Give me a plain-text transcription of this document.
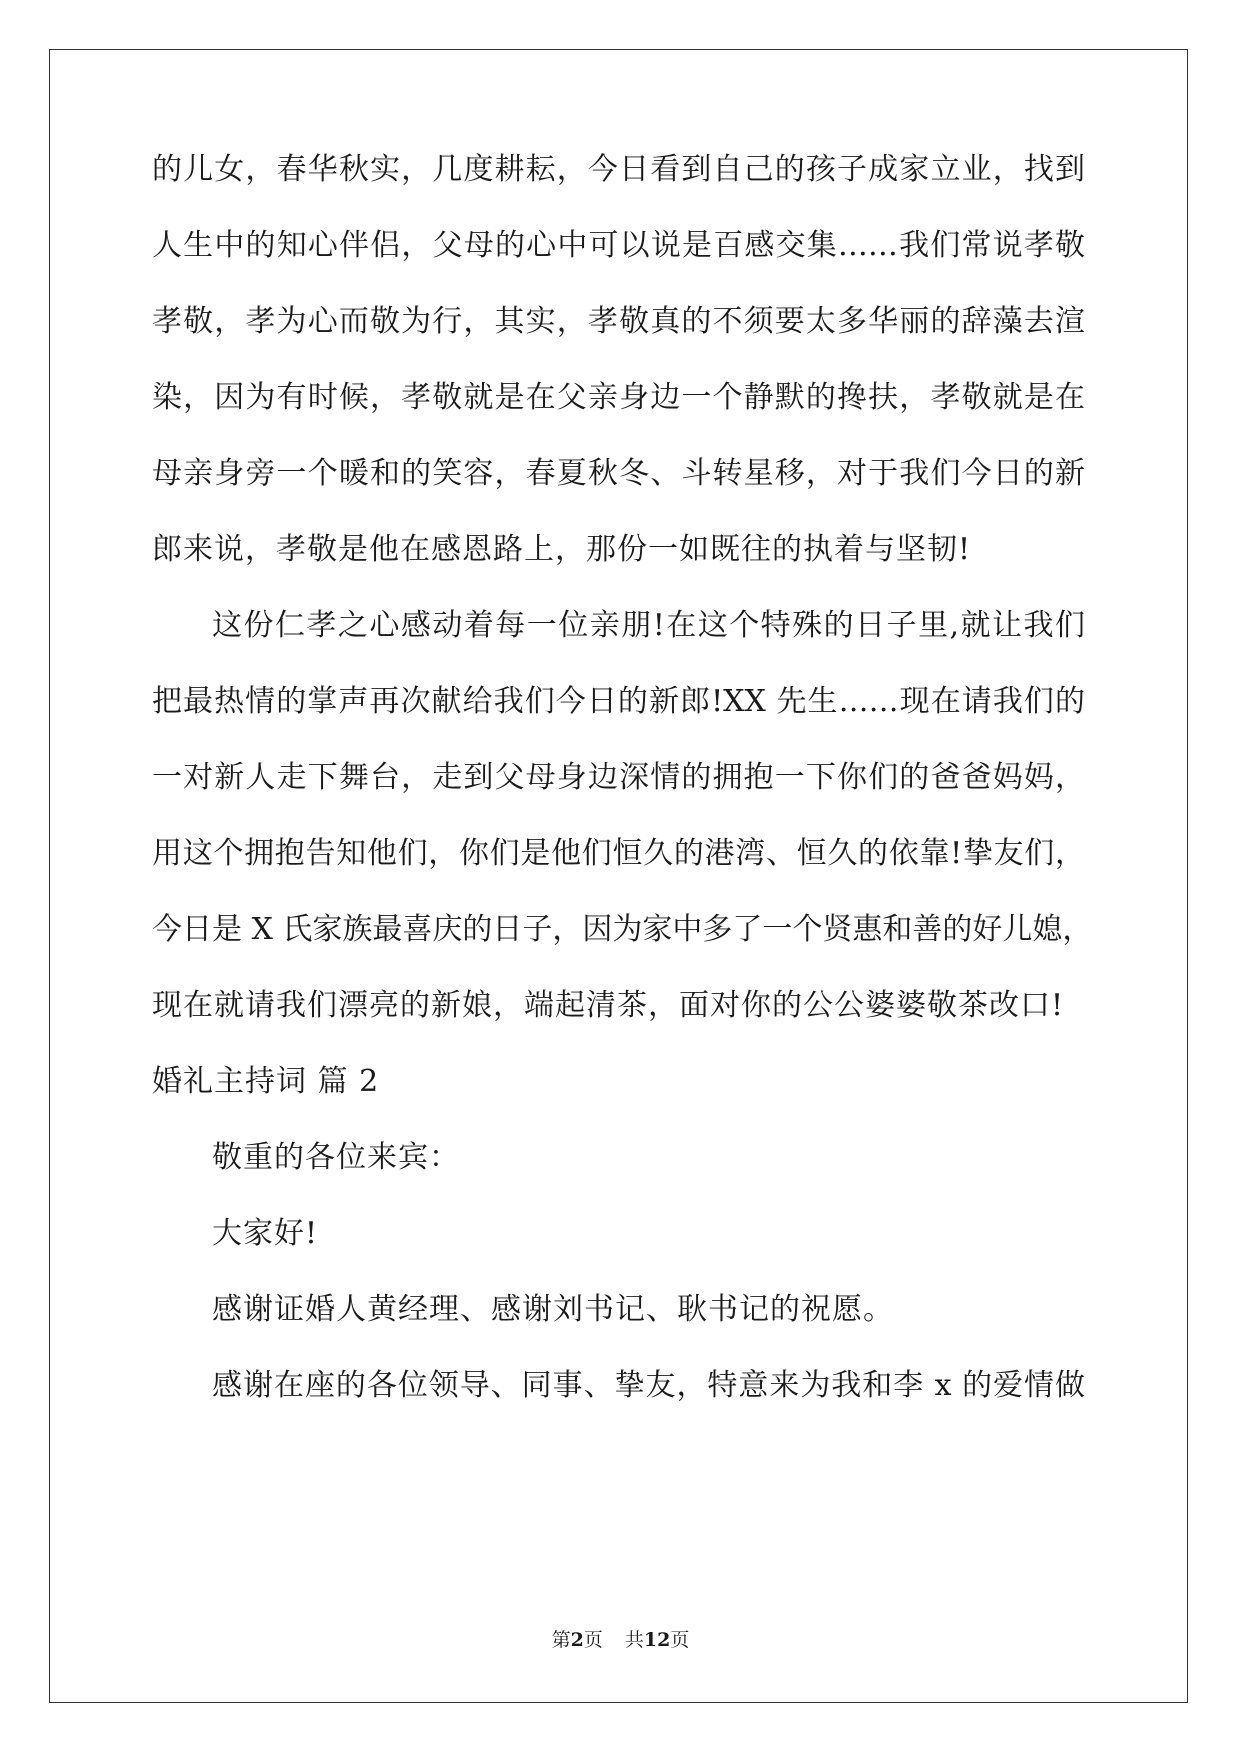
的儿女，春华秋实，几度耕耘，今日看到自己的孩子成家立业，找到
人生中的知心伴侣，父母的心中可以说是百感交集……我们常说孝敬
孝敬，孝为心而敬为行，其实，孝敬真的不须要太多华丽的辞藻去渲
染，因为有时候，孝敬就是在父亲身边一个静默的搀扶，孝敬就是在
母亲身旁一个暖和的笑容，春夏秋冬、斗转星移，对于我们今日的新
郎来说，孝敬是他在感恩路上，那份一如既往的执着与坚韧!
这份仁孝之心感动着每一位亲朋!在这个特殊的日子里,就让我们
把最热情的掌声再次献给我们今日的新郎!XX 先生……现在请我们的
一对新人走下舞台，走到父母身边深情的拥抱一下你们的爸爸妈妈，
用这个拥抱告知他们，你们是他们恒久的港湾、恒久的依靠!挚友们，
今日是 X 氏家族最喜庆的日子，因为家中多了一个贤惠和善的好儿媳，
现在就请我们漂亮的新娘，端起清茶，面对你的公公婆婆敬茶改口!
婚礼主持词 篇 2
敬重的各位来宾：
大家好!
感谢证婚人黄经理、感谢刘书记、耿书记的祝愿。
感谢在座的各位领导、同事、挚友，特意来为我和李 x 的爱情做
第2页 共12页
